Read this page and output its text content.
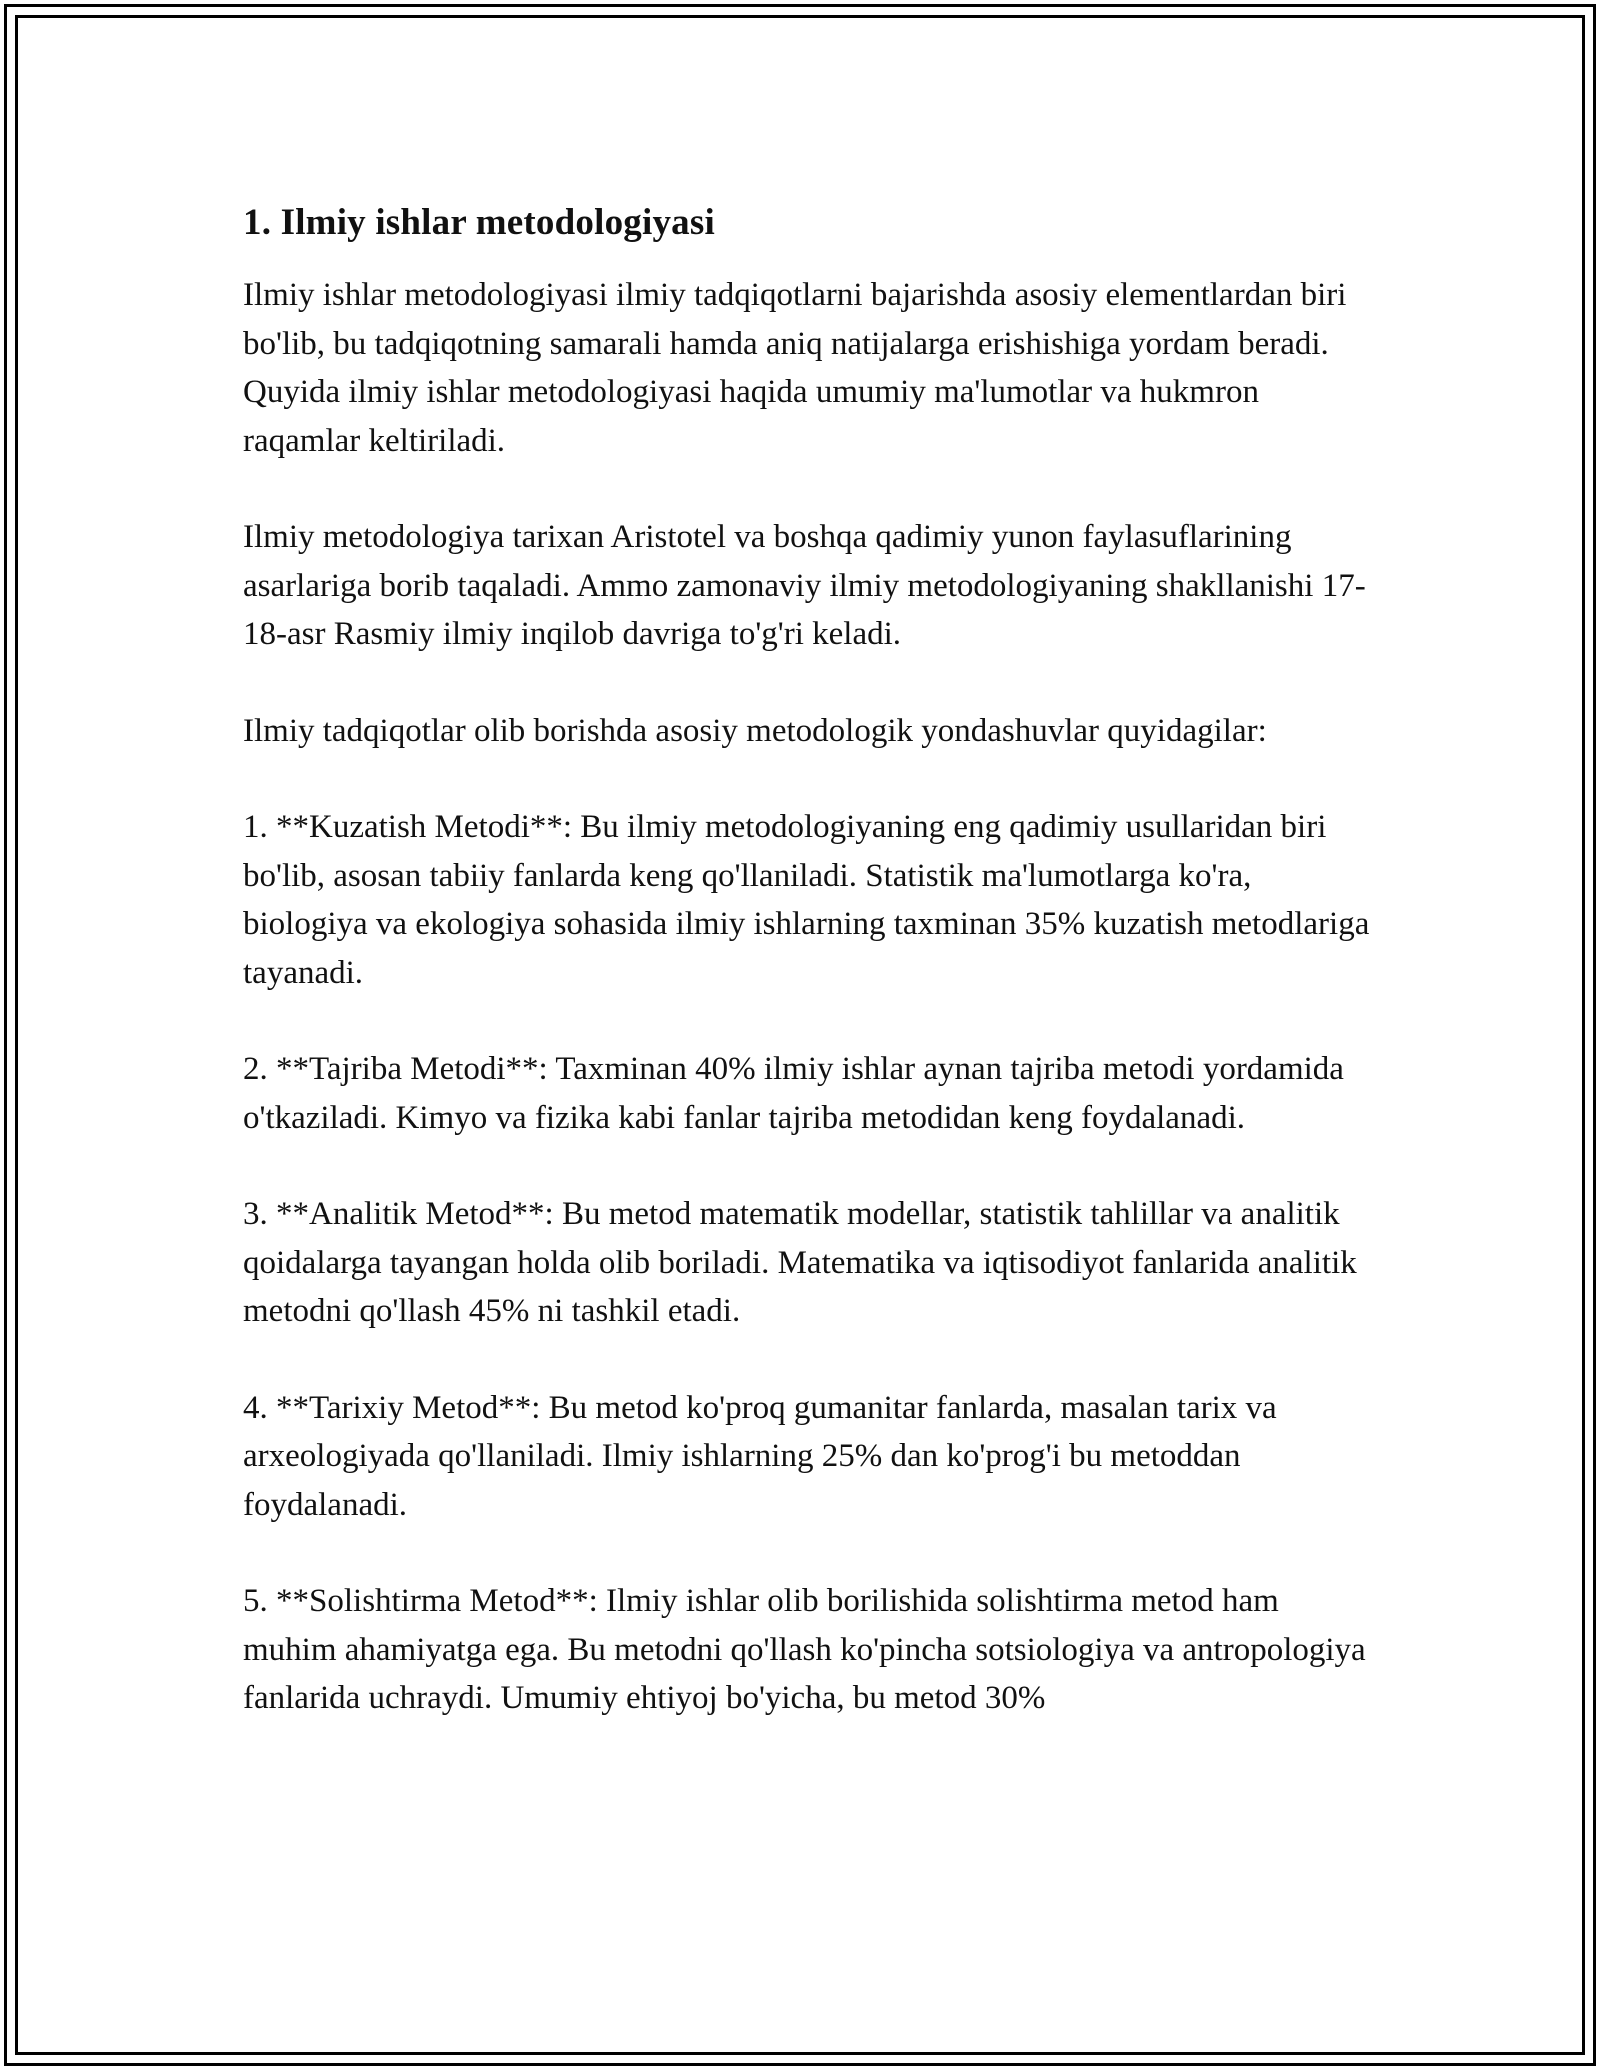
1. Ilmiy ishlar metodologiyasi

Ilmiy ishlar metodologiyasi ilmiy tadqiqotlarni bajarishda asosiy elementlardan biri bo'lib, bu tadqiqotning samarali hamda aniq natijalarga erishishiga yordam beradi. Quyida ilmiy ishlar metodologiyasi haqida umumiy ma'lumotlar va hukmron raqamlar keltiriladi.

Ilmiy metodologiya tarixan Aristotel va boshqa qadimiy yunon faylasuflarining asarlariga borib taqaladi. Ammo zamonaviy ilmiy metodologiyaning shakllanishi 17-18-asr Rasmiy ilmiy inqilob davriga to'g'ri keladi.

Ilmiy tadqiqotlar olib borishda asosiy metodologik yondashuvlar quyidagilar:

1. **Kuzatish Metodi**: Bu ilmiy metodologiyaning eng qadimiy usullaridan biri bo'lib, asosan tabiiy fanlarda keng qo'llaniladi. Statistik ma'lumotlarga ko'ra, biologiya va ekologiya sohasida ilmiy ishlarning taxminan 35% kuzatish metodlariga tayanadi.

2. **Tajriba Metodi**: Taxminan 40% ilmiy ishlar aynan tajriba metodi yordamida o'tkaziladi. Kimyo va fizika kabi fanlar tajriba metodidan keng foydalanadi.

3. **Analitik Metod**: Bu metod matematik modellar, statistik tahlillar va analitik qoidalarga tayangan holda olib boriladi. Matematika va iqtisodiyot fanlarida analitik metodni qo'llash 45% ni tashkil etadi.

4. **Tarixiy Metod**: Bu metod ko'proq gumanitar fanlarda, masalan tarix va arxeologiyada qo'llaniladi. Ilmiy ishlarning 25% dan ko'prog'i bu metoddan foydalanadi.

5. **Solishtirma Metod**: Ilmiy ishlar olib borilishida solishtirma metod ham muhim ahamiyatga ega. Bu metodni qo'llash ko'pincha sotsiologiya va antropologiya fanlarida uchraydi. Umumiy ehtiyoj bo'yicha, bu metod 30%
